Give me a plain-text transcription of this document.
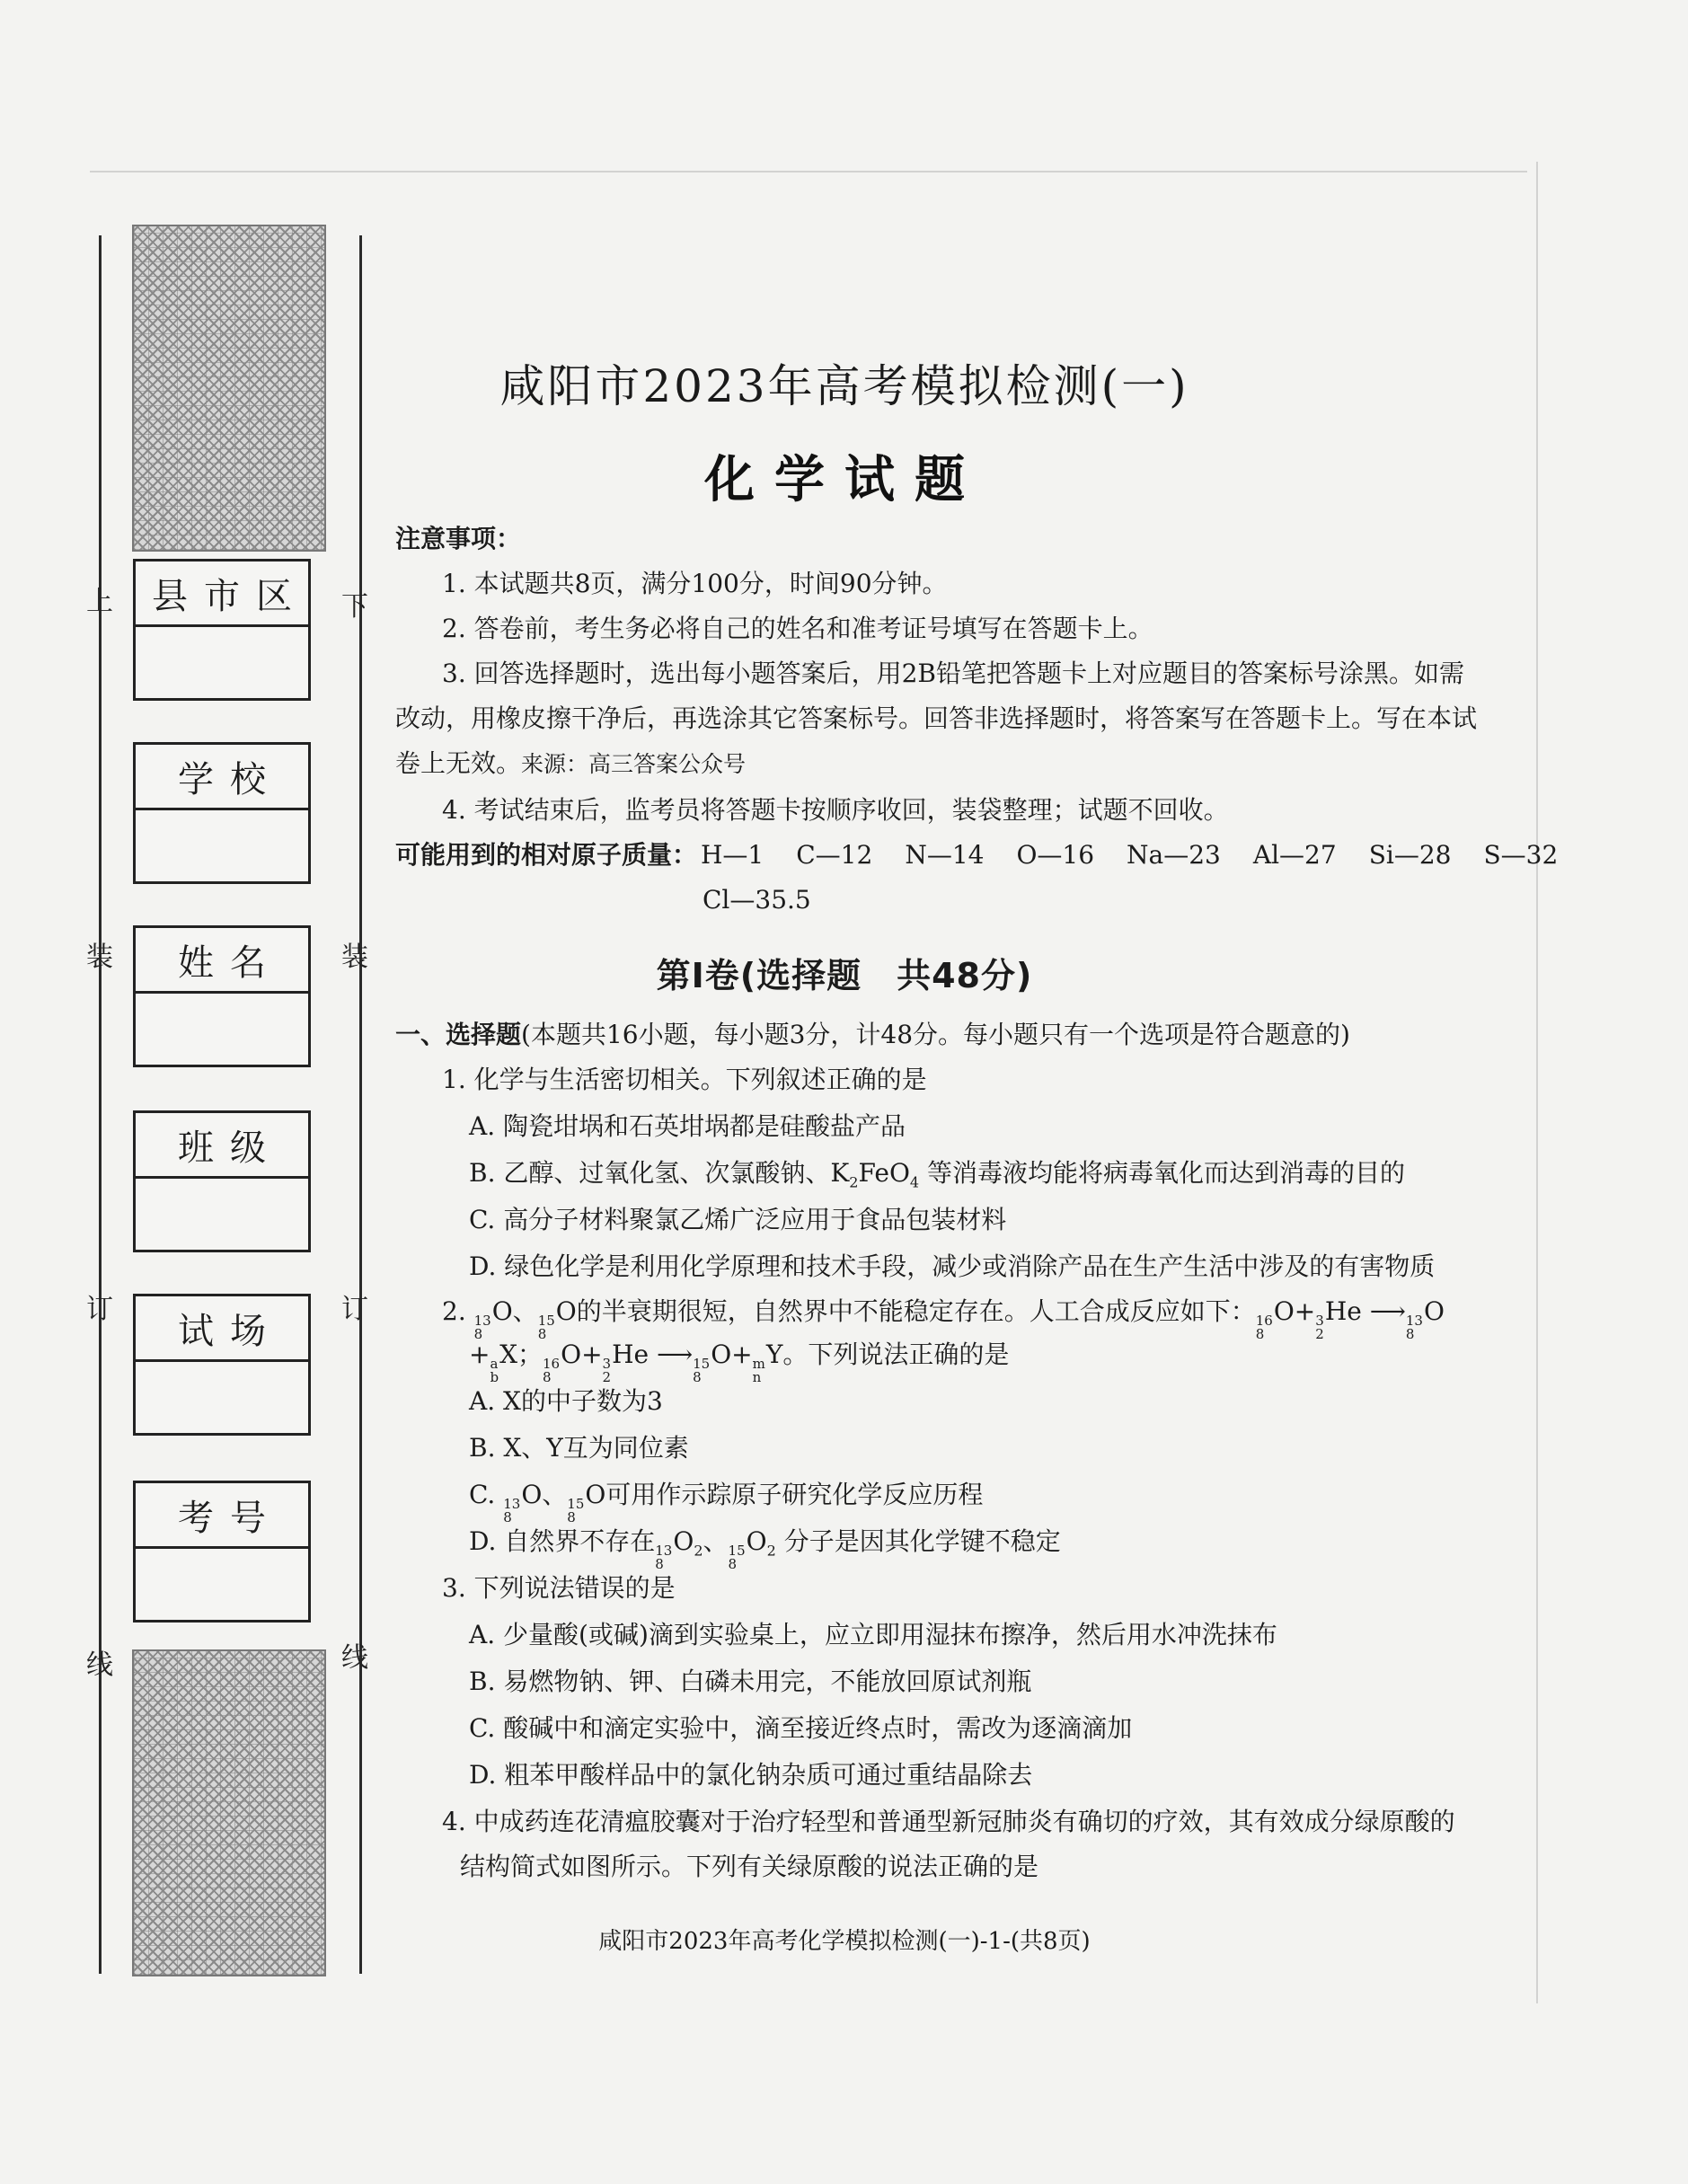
县市区
学校
姓名
班级
试场
考号
上
装
订
线
下
装
订
线
咸阳市2023年高考模拟检测(一)
化学试题
注意事项：
1. 本试题共8页，满分100分，时间90分钟。
2. 答卷前，考生务必将自己的姓名和准考证号填写在答题卡上。
3. 回答选择题时，选出每小题答案后，用2B铅笔把答题卡上对应题目的答案标号涂黑。如需
改动，用橡皮擦干净后，再选涂其它答案标号。回答非选择题时，将答案写在答题卡上。写在本试
卷上无效。来源：高三答案公众号
4. 考试结束后，监考员将答题卡按顺序收回，装袋整理；试题不回收。
可能用到的相对原子质量： H—1 C—12 N—14 O—16 Na—23 Al—27 Si—28 S—32
Cl—35.5
第Ⅰ卷(选择题　共48分)
一、选择题(本题共16小题，每小题3分，计48分。每小题只有一个选项是符合题意的)
1. 化学与生活密切相关。下列叙述正确的是
A. 陶瓷坩埚和石英坩埚都是硅酸盐产品
B. 乙醇、过氧化氢、次氯酸钠、$K_2FeO_4$ 等消毒液均能将病毒氧化而达到消毒的目的
C. 高分子材料聚氯乙烯广泛应用于食品包装材料
D. 绿色化学是利用化学原理和技术手段，减少或消除产品在生产生活中涉及的有害物质
2. 13
8
O、 15
8
O的半衰期很短，自然界中不能稳定存在。人工合成反应如下： 16
8
O+ 3
2
He ⟶ 13
8
O
+ a
b
X； 16
8
O+ 3
2
He ⟶ 15
8
O+ m
n
Y。下列说法正确的是
A. X的中子数为3
B. X、Y互为同位素
C. 13
8
O、 15
8
O可用作示踪原子研究化学反应历程
D. 自然界不存在 13
8
$O_2$、 15
8
$O_2$ 分子是因其化学键不稳定
3. 下列说法错误的是
A. 少量酸(或碱)滴到实验桌上，应立即用湿抹布擦净，然后用水冲洗抹布
B. 易燃物钠、钾、白磷未用完，不能放回原试剂瓶
C. 酸碱中和滴定实验中，滴至接近终点时，需改为逐滴滴加
D. 粗苯甲酸样品中的氯化钠杂质可通过重结晶除去
4. 中成药连花清瘟胶囊对于治疗轻型和普通型新冠肺炎有确切的疗效，其有效成分绿原酸的
结构简式如图所示。下列有关绿原酸的说法正确的是
咸阳市2023年高考化学模拟检测(一)-1-(共8页)
